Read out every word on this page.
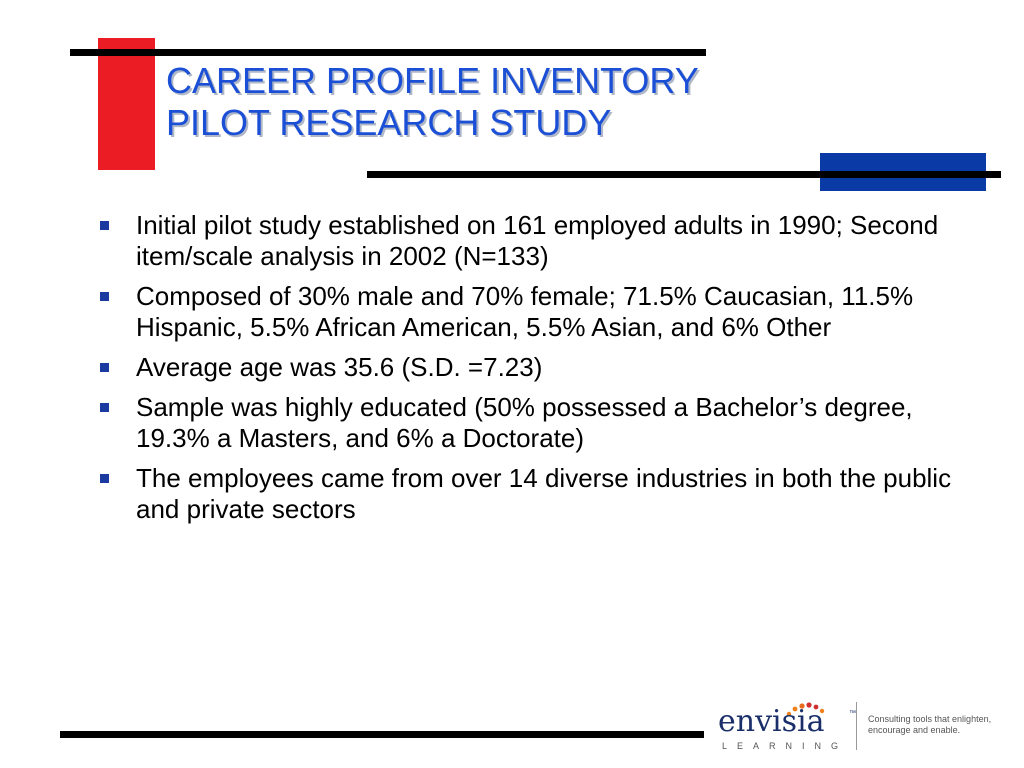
CAREER PROFILE INVENTORY
PILOT RESEARCH STUDY
Initial pilot study established on 161 employed adults in 1990; Second item/scale analysis in 2002 (N=133)
Composed of 30% male and 70% female; 71.5% Caucasian, 11.5% Hispanic, 5.5% African American, 5.5% Asian, and 6% Other
Average age was 35.6 (S.D. =7.23)
Sample was highly educated (50% possessed a Bachelor’s degree, 19.3% a Masters, and 6% a Doctorate)
The employees came from over 14 diverse industries in both the public and private sectors
envisia	™
LEARNING
Consulting tools that enlighten, encourage and enable.
